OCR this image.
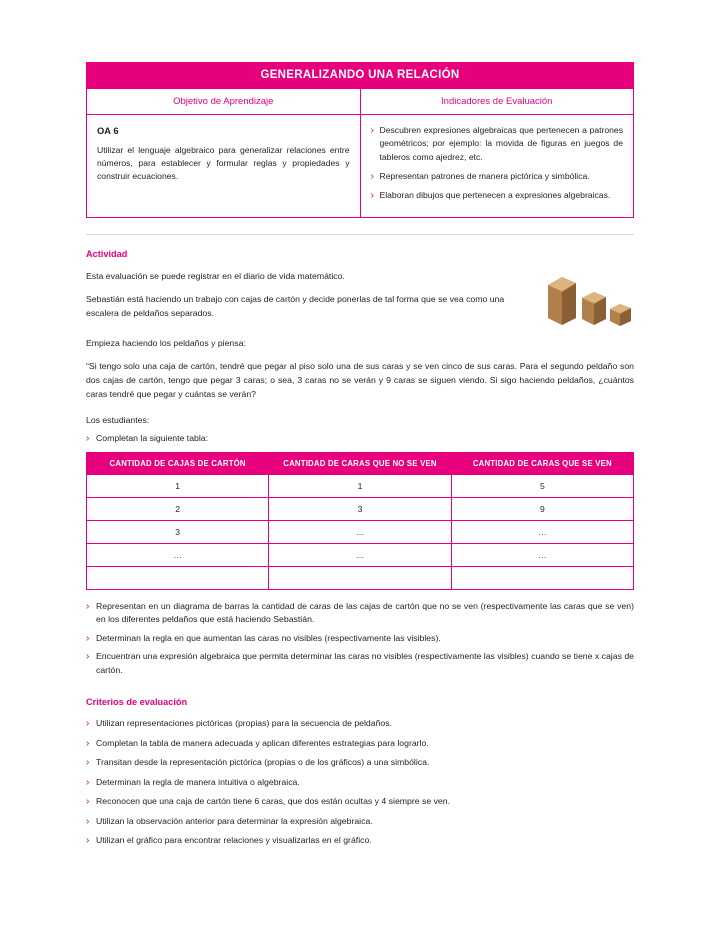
GENERALIZANDO UNA RELACIÓN
Objetivo de Aprendizaje	Indicadores de Evaluación

OA 6

Utilizar el lenguaje algebraico para generalizar relaciones entre números, para establecer y formular reglas y propiedades y construir ecuaciones.

› Descubren expresiones algebraicas que pertenecen a patrones geométricos; por ejemplo: la movida de figuras en juegos de tableros como ajedrez, etc.
› Representan patrones de manera pictórica y simbólica.
› Elaboran dibujos que pertenecen a expresiones algebraicas.
Actividad

Esta evaluación se puede registrar en el diario de vida matemático.

Sebastián está haciendo un trabajo con cajas de cartón y decide ponerlas de tal forma que se vea como una escalera de peldaños separados.

Empieza haciendo los peldaños y piensa:

“Si tengo solo una caja de cartón, tendré que pegar al piso solo una de sus caras y se ven cinco de sus caras. Para el segundo peldaño son dos cajas de cartón, tengo que pegar 3 caras; o sea, 3 caras no se verán y 9 caras se siguen viendo. Si sigo haciendo peldaños, ¿cuántos caras tendré que pegar y cuántas se verán?

Los estudiantes:

› Completan la siguiente tabla:
CANTIDAD DE CAJAS DE CARTÓN	CANTIDAD DE CARAS QUE NO SE VEN	CANTIDAD DE CARAS QUE SE VEN
1	1	5
2	3	9
3	…	…
…	…	…

› Representan en un diagrama de barras la cantidad de caras de las cajas de cartón que no se ven (respectivamente las caras que se ven) en los diferentes peldaños que está haciendo Sebastián.
› Determinan la regla en que aumentan las caras no visibles (respectivamente las visibles).
› Encuentran una expresión algebraica que permita determinar las caras no visibles (respectivamente las visibles) cuando se tiene x cajas de cartón.
Criterios de evaluación
› Utilizan representaciones pictóricas (propias) para la secuencia de peldaños.
› Completan la tabla de manera adecuada y aplican diferentes estrategias para lograrlo.
› Transitan desde la representación pictórica (propias o de los gráficos) a una simbólica.
› Determinan la regla de manera intuitiva o algebraica.
› Reconocen que una caja de cartón tiene 6 caras, que dos están ocultas y 4 siempre se ven.
› Utilizan la observación anterior para determinar la expresión algebraica.
› Utilizan el gráfico para encontrar relaciones y visualizarlas en el gráfico.
